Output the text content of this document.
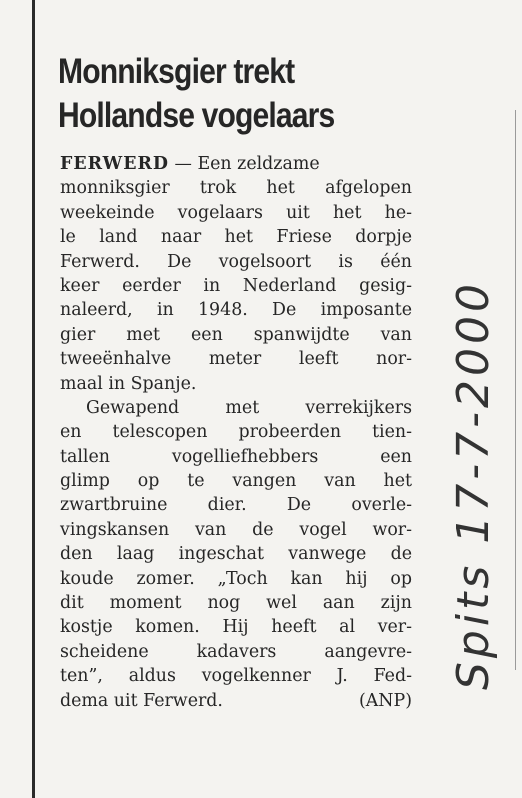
Monniksgier trekt
Hollandse vogelaars
FERWERD — Een zeldzame
monniksgier trok het afgelopen
weekeinde vogelaars uit het he-
le land naar het Friese dorpje
Ferwerd. De vogelsoort is één
keer eerder in Nederland gesig-
naleerd, in 1948. De imposante
gier met een spanwijdte van
tweeënhalve meter leeft nor-
maal in Spanje.
Gewapend met verrekijkers
en telescopen probeerden tien-
tallen vogelliefhebbers een
glimp op te vangen van het
zwartbruine dier. De overle-
vingskansen van de vogel wor-
den laag ingeschat vanwege de
koude zomer. „Toch kan hij op
dit moment nog wel aan zijn
kostje komen. Hij heeft al ver-
scheidene kadavers aangevre-
ten”, aldus vogelkenner J. Fed-
dema uit Ferwerd.	(ANP)
Spits 17-7-2000
